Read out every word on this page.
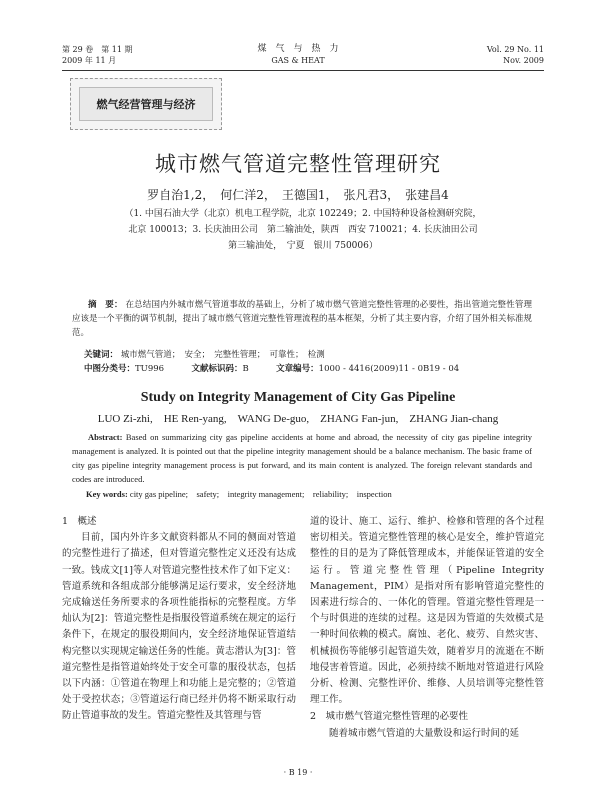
第 29 卷　第 11 期
2009 年 11 月
煤　气　与　热　力
GAS & HEAT
Vol. 29 No. 11
Nov. 2009
燃气经营管理与经济
城市燃气管道完整性管理研究
罗自治1,2，　何仁洋2，　王德国1，　张凡君3，　张建昌4
（1. 中国石油大学（北京）机电工程学院，北京 102249；2. 中国特种设备检测研究院，
北京 100013；3. 长庆油田公司　第二输油处，陕西　西安 710021；4. 长庆油田公司
第三输油处，　宁夏　银川 750006）
摘　要： 在总结国内外城市燃气管道事故的基础上，分析了城市燃气管道完整性管理的必要性，指出管道完整性管理应该是一个平衡的调节机制，提出了城市燃气管道完整性管理流程的基本框架，分析了其主要内容，介绍了国外相关标准规范。
关键词： 城市燃气管道；　安全；　完整性管理；　可靠性；　检测
中图分类号：TU996	文献标识码：B	文章编号：1000 - 4416(2009)11 - 0B19 - 04
Study on Integrity Management of City Gas Pipeline
LUO Zi-zhi,　HE Ren-yang,　WANG De-guo,　ZHANG Fan-jun,　ZHANG Jian-chang
Abstract: Based on summarizing city gas pipeline accidents at home and abroad, the necessity of city gas pipeline integrity management is analyzed. It is pointed out that the pipeline integrity management should be a balance mechanism. The basic frame of city gas pipeline integrity management process is put forward, and its main content is analyzed. The foreign relevant standards and codes are introduced.
Key words: city gas pipeline;　safety;　integrity management;　reliability;　inspection

1　概述

目前，国内外许多文献资料都从不同的侧面对管道的完整性进行了描述，但对管道完整性定义还没有达成一致。钱成文[1]等人对管道完整性技术作了如下定义：管道系统和各组成部分能够满足运行要求，安全经济地完成输送任务所要求的各项性能指标的完整程度。方华灿认为[2]：管道完整性是指服役管道系统在规定的运行条件下，在规定的服役期间内，安全经济地保证管道结构完整以实现规定输送任务的性能。黄志潜认为[3]：管道完整性是指管道始终处于安全可靠的服役状态，包括以下内涵：①管道在物理上和功能上是完整的；②管道处于受控状态；③管道运行商已经并仍将不断采取行动防止管道事故的发生。管道完整性及其管理与管

道的设计、施工、运行、维护、检修和管理的各个过程密切相关。管道完整性管理的核心是安全，维护管道完整性的目的是为了降低管理成本，并能保证管道的安全运行。管道完整性管理（Pipeline Integrity Management，PIM）是指对所有影响管道完整性的因素进行综合的、一体化的管理。管道完整性管理是一个与时俱进的连续的过程。这是因为管道的失效模式是一种时间依赖的模式。腐蚀、老化、疲劳、自然灾害、机械损伤等能够引起管道失效，随着岁月的流逝在不断地侵害着管道。因此，必须持续不断地对管道进行风险分析、检测、完整性评价、维修、人员培训等完整性管理工作。

2　城市燃气管道完整性管理的必要性

随着城市燃气管道的大量敷设和运行时间的延

· B 19 ·
